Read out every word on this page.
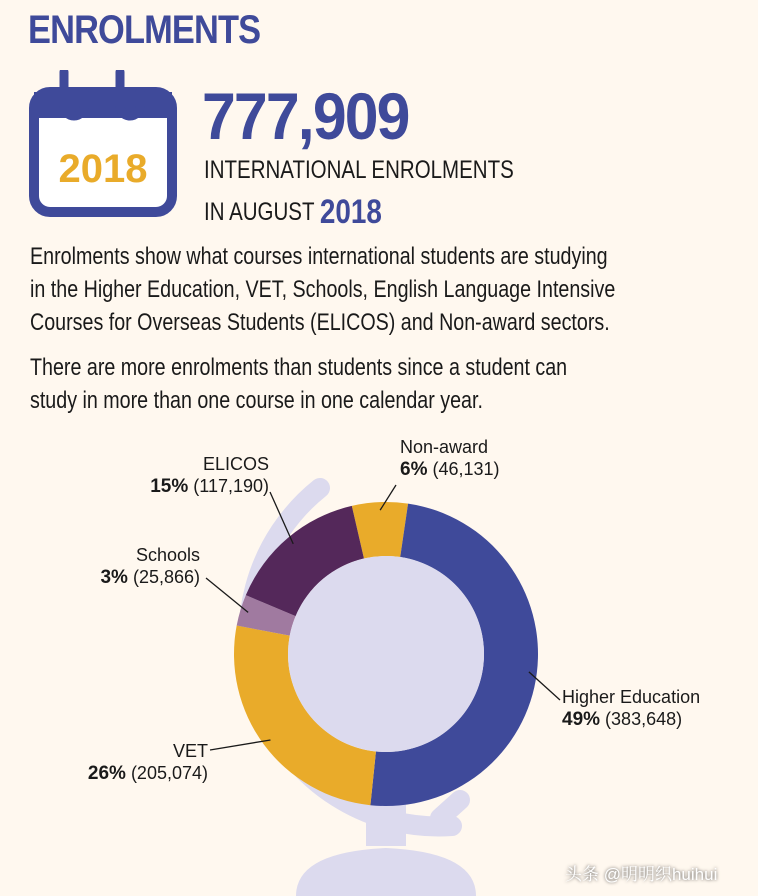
ENROLMENTS
2018
777,909
INTERNATIONAL ENROLMENTS
IN AUGUST 2018
Enrolments show what courses international students are studying
in the Higher Education, VET, Schools, English Language Intensive
Courses for Overseas Students (ELICOS) and Non-award sectors.
There are more enrolments than students since a student can
study in more than one course in one calendar year.
ELICOS
15% (117,190)
Schools
3% (25,866)
Non-award
6% (46,131)
Higher Education
49% (383,648)
VET
26% (205,074)
头条 @明明织huihui
